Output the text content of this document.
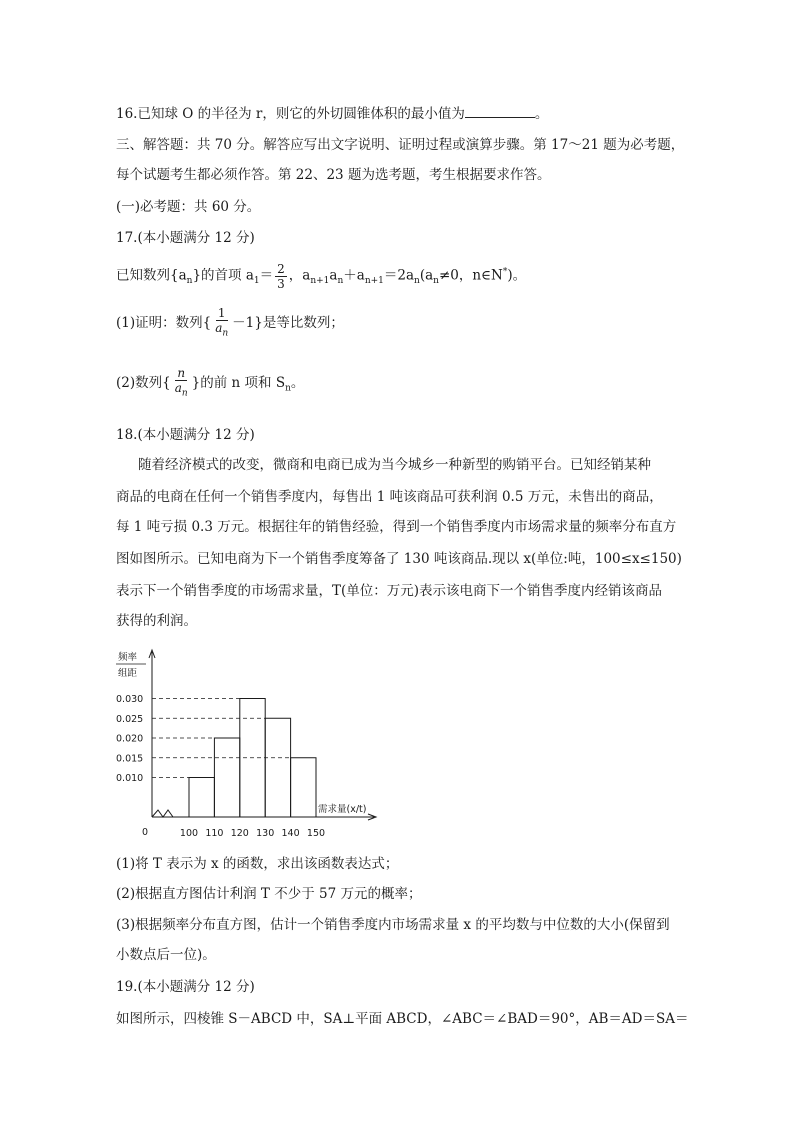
16.已知球 O 的半径为 r，则它的外切圆锥体积的最小值为	。
三、解答题：共 70 分。解答应写出文字说明、证明过程或演算步骤。第 17～21 题为必考题，
每个试题考生都必须作答。第 22、23 题为选考题，考生根据要求作答。
(一)必考题：共 60 分。
17.(本小题满分 12 分)
已知数列$\{a_n\}$的首项 $a_1= \frac{2}{3}$ ，$a_{n+1}a_n+a_{n+1}=2a_n(a_n\ne 0$，n∈N*)。
(1)证明：数列{ $\frac{1}{a_n} -1$}是等比数列；
(2)数列{ $\frac{n}{a_n}$ }的前 n 项和 $S_n$。
18.(本小题满分 12 分)
随着经济模式的改变，微商和电商已成为当今城乡一种新型的购销平台。已知经销某种
商品的电商在任何一个销售季度内，每售出 1 吨该商品可获利润 0.5 万元，未售出的商品，
每 1 吨亏损 0.3 万元。根据往年的销售经验，得到一个销售季度内市场需求量的频率分布直方
图如图所示。已知电商为下一个销售季度筹备了 130 吨该商品.现以 x(单位:吨，100≤x≤150)
表示下一个销售季度的市场需求量，T(单位：万元)表示该电商下一个销售季度内经销该商品
获得的利润。
频率
组距
需求量(x/t)
0
0.010
0.015
0.020
0.025
0.030
100 110 120 130 140 150
(1)将 T 表示为 x 的函数，求出该函数表达式；
(2)根据直方图估计利润 T 不少于 57 万元的概率；
(3)根据频率分布直方图，估计一个销售季度内市场需求量 x 的平均数与中位数的大小(保留到
小数点后一位)。
19.(本小题满分 12 分)
如图所示，四棱锥 S－ABCD 中，SA⊥平面 ABCD，∠ABC＝∠BAD＝90°，AB＝AD＝SA＝
